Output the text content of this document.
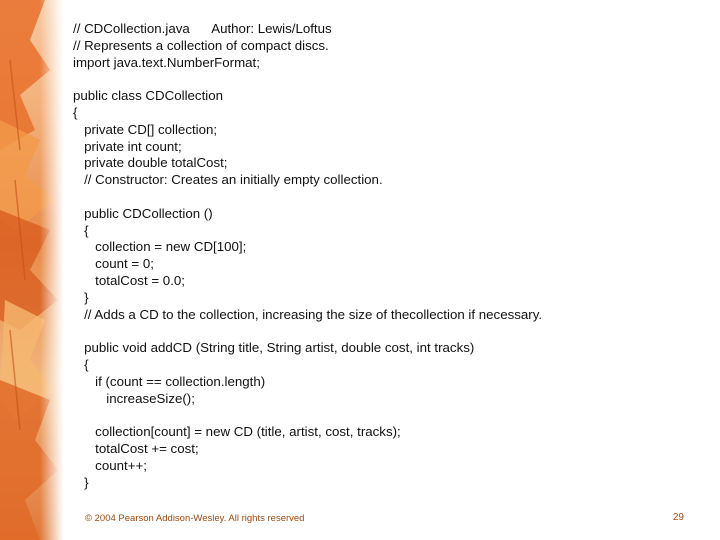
// CDCollection.java      Author: Lewis/Loftus
// Represents a collection of compact discs.
import java.text.NumberFormat;
public class CDCollection
{
private CD[] collection;
private int count;
private double totalCost;
// Constructor: Creates an initially empty collection.
public CDCollection ()
{
collection = new CD[100];
count = 0;
totalCost = 0.0;
}
// Adds a CD to the collection, increasing the size of thecollection if necessary.
public void addCD (String title, String artist, double cost, int tracks)
{
if (count == collection.length)
increaseSize();
collection[count] = new CD (title, artist, cost, tracks);
totalCost += cost;
count++;
}
© 2004 Pearson Addison-Wesley. All rights reserved	29
